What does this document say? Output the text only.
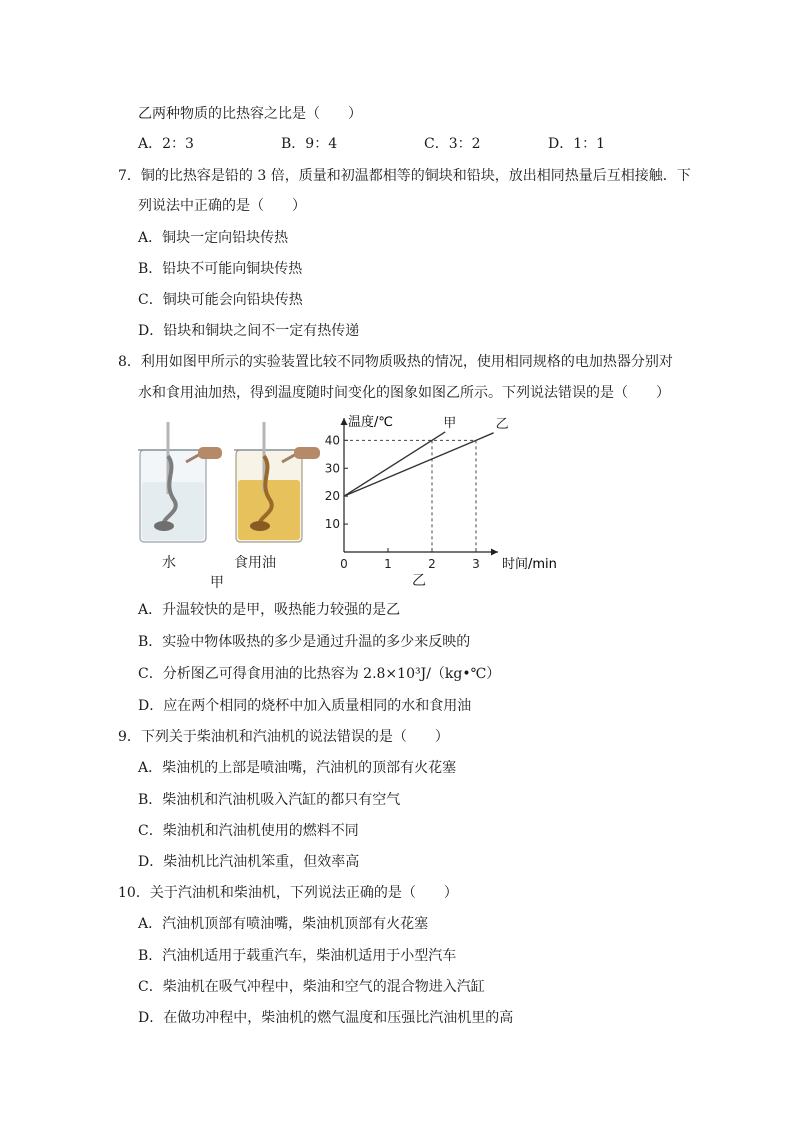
乙两种物质的比热容之比是（　　）
A．2：3	B．9：4	C．3：2	D．1：1
7．铜的比热容是铅的 3 倍，质量和初温都相等的铜块和铅块，放出相同热量后互相接触．下
列说法中正确的是（　　）
A．铜块一定向铅块传热
B．铅块不可能向铜块传热
C．铜块可能会向铅块传热
D．铅块和铜块之间不一定有热传递
8．利用如图甲所示的实验装置比较不同物质吸热的情况，使用相同规格的电加热器分别对
水和食用油加热，得到温度随时间变化的图象如图乙所示。下列说法错误的是（　　）
水	食用油
甲
0	1	2	3
10
20
30
40
甲	乙
温度/℃
时间/min
乙
A．升温较快的是甲，吸热能力较强的是乙
B．实验中物体吸热的多少是通过升温的多少来反映的
C．分析图乙可得食用油的比热容为 2.8×10³J/（kg•℃）
D．应在两个相同的烧杯中加入质量相同的水和食用油
9．下列关于柴油机和汽油机的说法错误的是（　　）
A．柴油机的上部是喷油嘴，汽油机的顶部有火花塞
B．柴油机和汽油机吸入汽缸的都只有空气
C．柴油机和汽油机使用的燃料不同
D．柴油机比汽油机笨重，但效率高
10．关于汽油机和柴油机，下列说法正确的是（　　）
A．汽油机顶部有喷油嘴，柴油机顶部有火花塞
B．汽油机适用于载重汽车，柴油机适用于小型汽车
C．柴油机在吸气冲程中，柴油和空气的混合物进入汽缸
D．在做功冲程中，柴油机的燃气温度和压强比汽油机里的高
